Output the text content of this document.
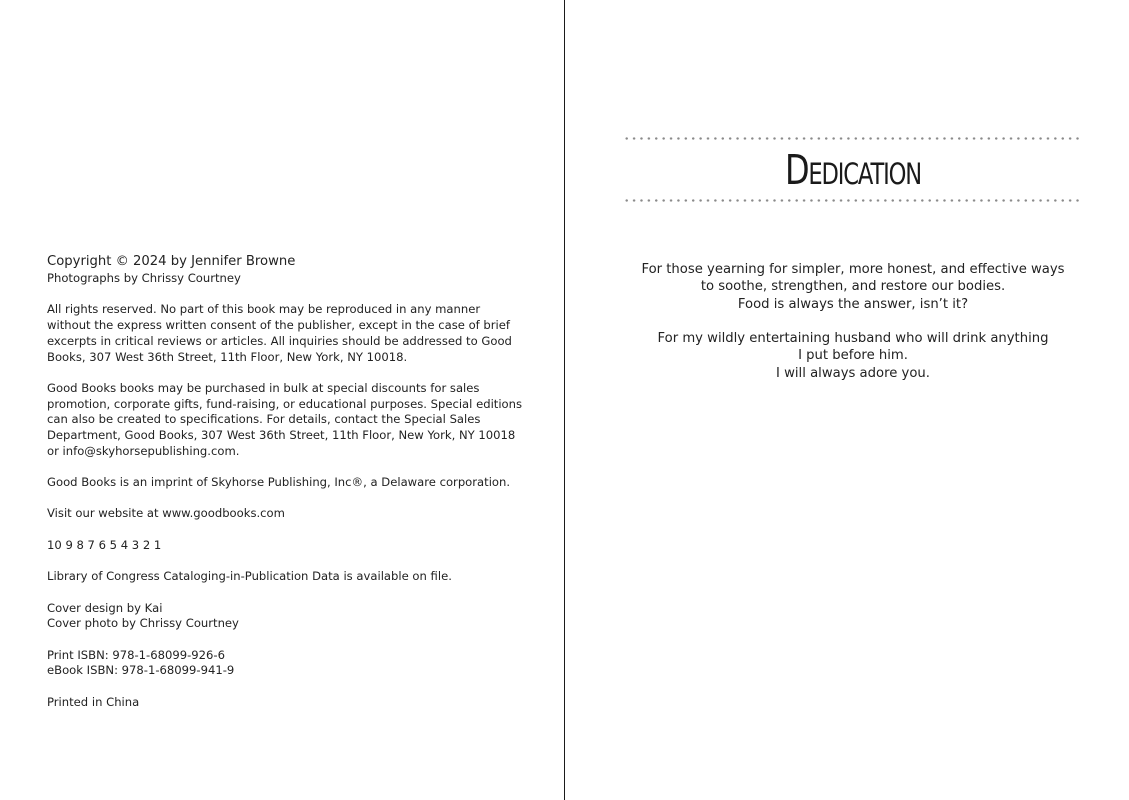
Copyright © 2024 by Jennifer Browne
Photographs by Chrissy Courtney

All rights reserved. No part of this book may be reproduced in any manner
without the express written consent of the publisher, except in the case of brief
excerpts in critical reviews or articles. All inquiries should be addressed to Good
Books, 307 West 36th Street, 11th Floor, New York, NY 10018.

Good Books books may be purchased in bulk at special discounts for sales
promotion, corporate gifts, fund-raising, or educational purposes. Special editions
can also be created to specifications. For details, contact the Special Sales
Department, Good Books, 307 West 36th Street, 11th Floor, New York, NY 10018
or info@skyhorsepublishing.com.

Good Books is an imprint of Skyhorse Publishing, Inc®, a Delaware corporation.

Visit our website at www.goodbooks.com

10 9 8 7 6 5 4 3 2 1

Library of Congress Cataloging-in-Publication Data is available on file.

Cover design by Kai
Cover photo by Chrissy Courtney

Print ISBN: 978-1-68099-926-6
eBook ISBN: 978-1-68099-941-9

Printed in China

Dedication

For those yearning for simpler, more honest, and effective ways
to soothe, strengthen, and restore our bodies.
Food is always the answer, isn’t it?

For my wildly entertaining husband who will drink anything
I put before him.
I will always adore you.
